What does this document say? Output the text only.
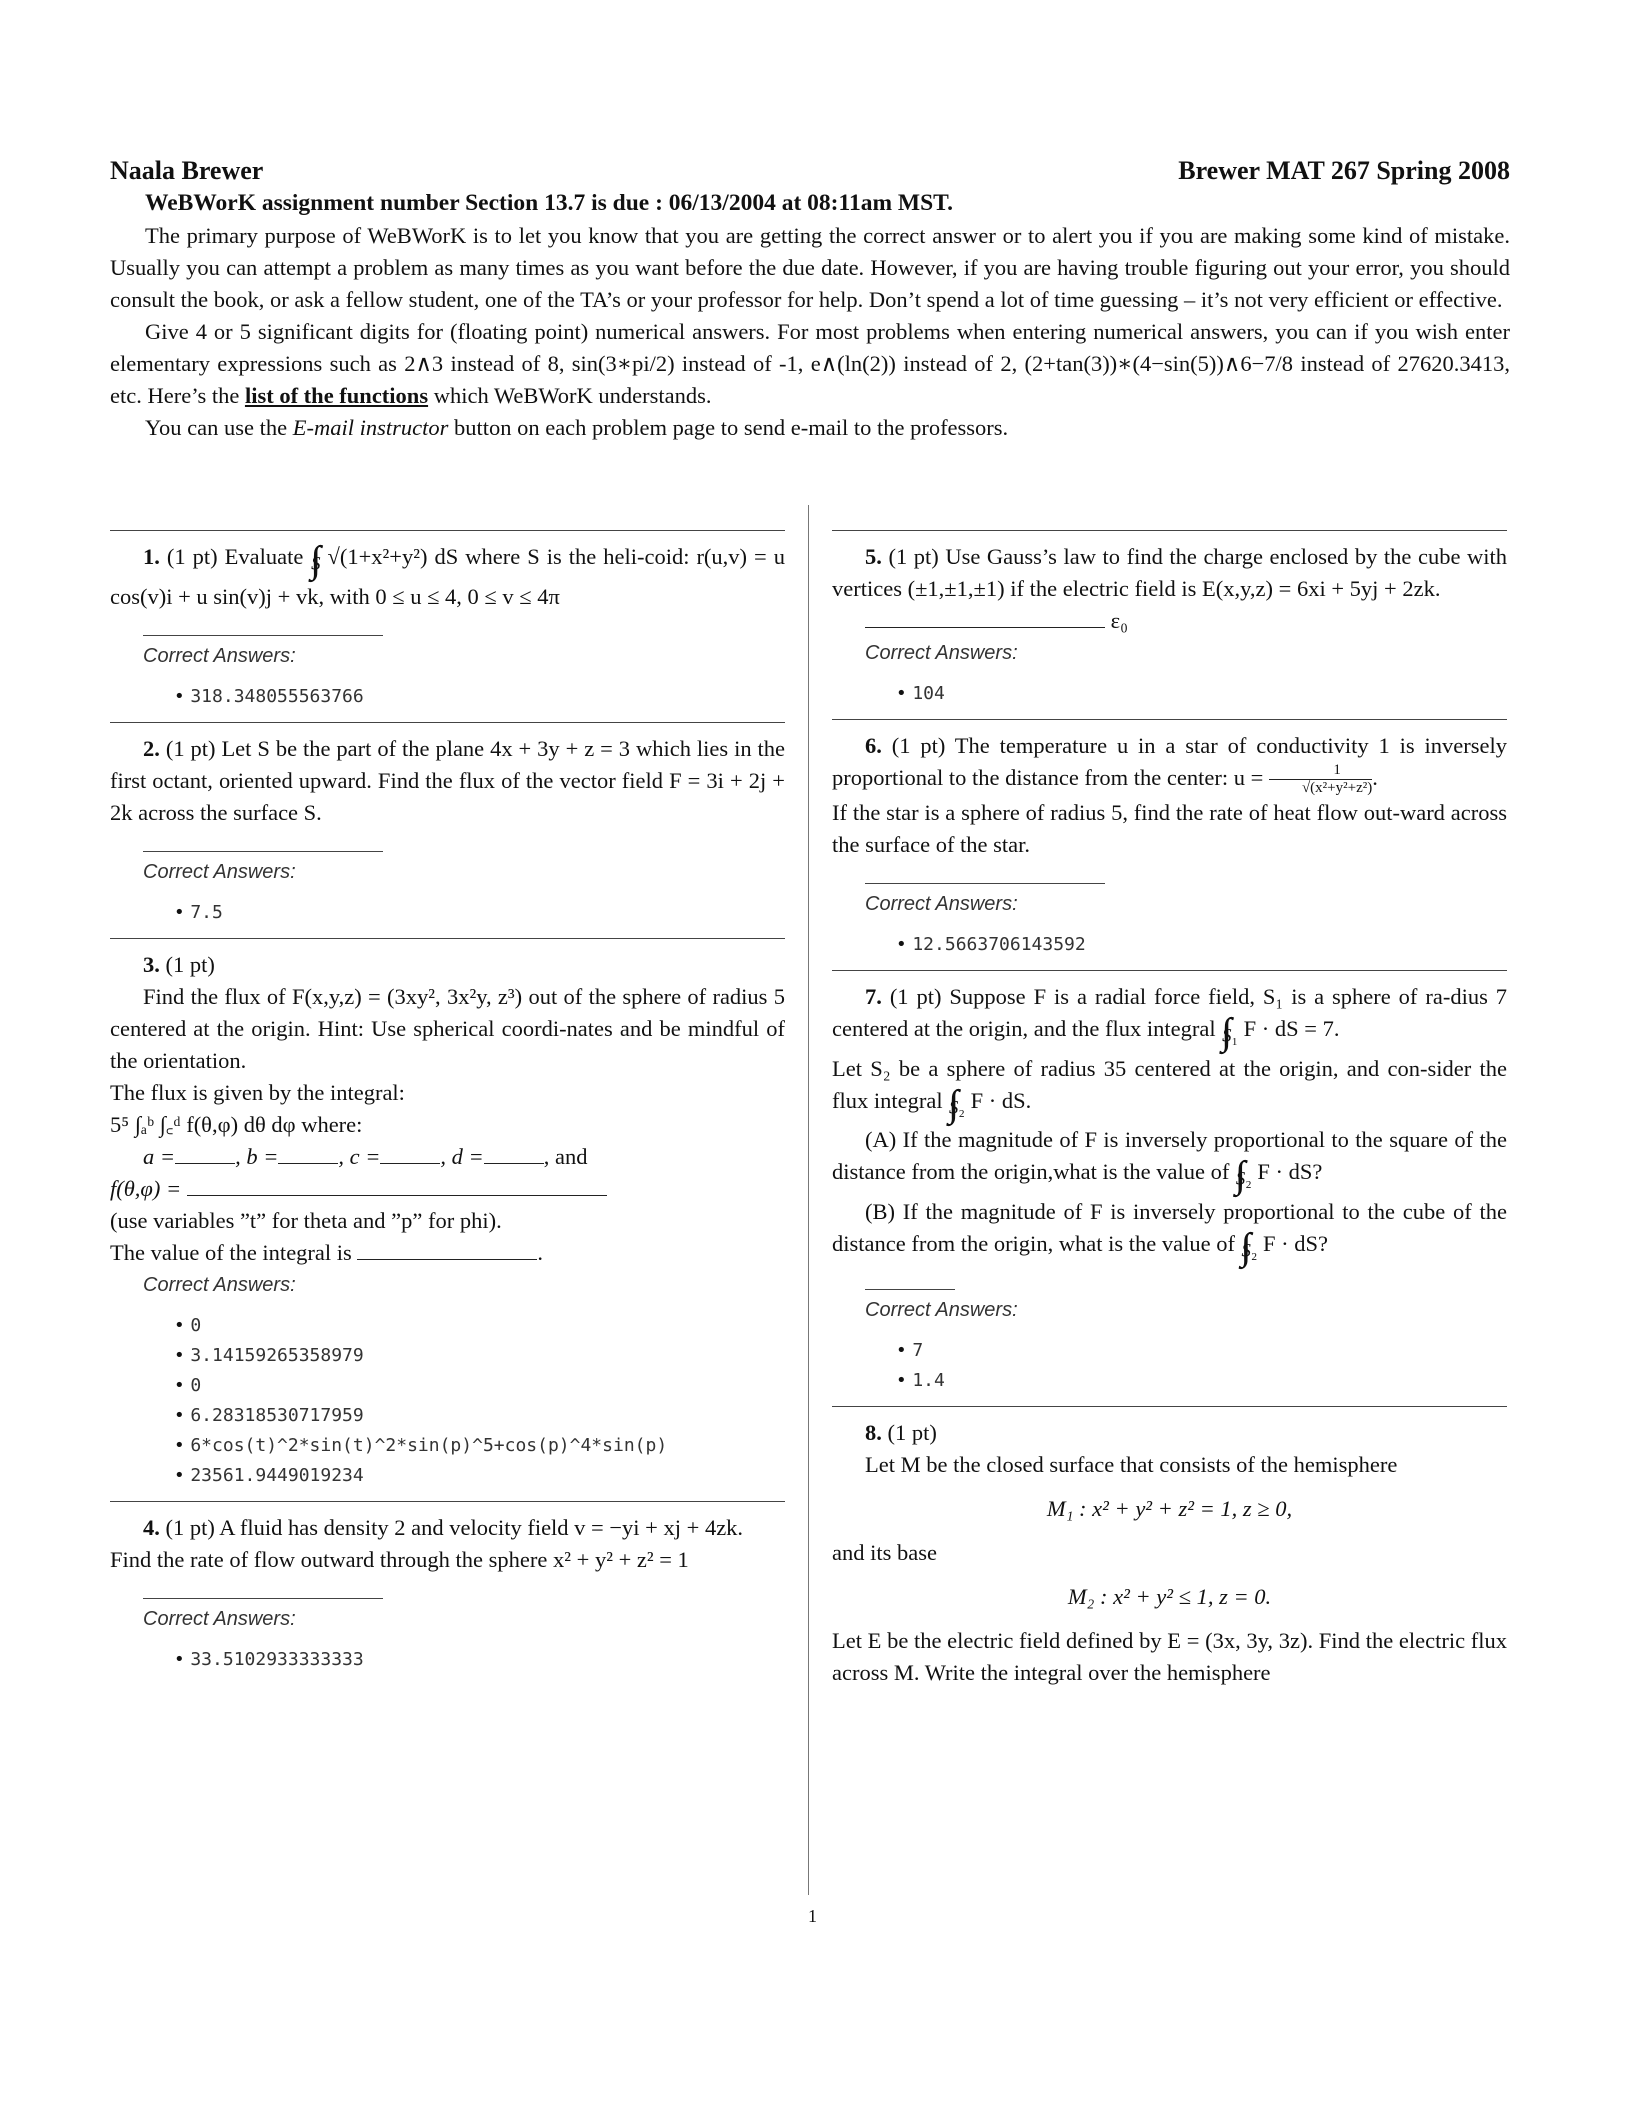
Naala Brewer	Brewer MAT 267 Spring 2008
WeBWorK assignment number Section 13.7 is due : 06/13/2004 at 08:11am MST.

The primary purpose of WeBWorK is to let you know that you are getting the correct answer or to alert you if you are making some kind of mistake. Usually you can attempt a problem as many times as you want before the due date. However, if you are having trouble figuring out your error, you should consult the book, or ask a fellow student, one of the TA’s or your professor for help. Don’t spend a lot of time guessing – it’s not very efficient or effective.

Give 4 or 5 significant digits for (floating point) numerical answers. For most problems when entering numerical answers, you can if you wish enter elementary expressions such as 2∧3 instead of 8, sin(3∗pi/2) instead of -1, e∧(ln(2)) instead of 2, (2+tan(3))∗(4−sin(5))∧6−7/8 instead of 27620.3413, etc. Here’s the list of the functions which WeBWorK understands.

You can use the E-mail instructor button on each problem page to send e-mail to the professors.

1. (1 pt) Evaluate $\int\int_S$ √(1+x²+y²) dS where S is the heli-coid: r(u,v) = u cos(v)i + u sin(v)j + vk, with 0 ≤ u ≤ 4, 0 ≤ v ≤ 4π

Correct Answers:
• 318.348055563766

2. (1 pt) Let S be the part of the plane 4x + 3y + z = 3 which lies in the first octant, oriented upward. Find the flux of the vector field F = 3i + 2j + 2k across the surface S.

Correct Answers:
• 7.5

3. (1 pt)

Find the flux of F(x,y,z) = (3xy², 3x²y, z³) out of the sphere of radius 5 centered at the origin. Hint: Use spherical coordi-nates and be mindful of the orientation.

The flux is given by the integral:

5⁵ ∫ₐᵇ ∫꜀ᵈ f(θ,φ) dθ dφ where:

a =	, b =	, c =	, d =	, and

f(θ,φ) =

(use variables ”t” for theta and ”p” for phi).

The value of the integral is	.

Correct Answers:
• 0
• 3.14159265358979
• 0
• 6.28318530717959
• 6*cos(t)^2*sin(t)^2*sin(p)^5+cos(p)^4*sin(p)
• 23561.9449019234

4. (1 pt) A fluid has density 2 and velocity field v = −yi + xj + 4zk.

Find the rate of flow outward through the sphere x² + y² + z² = 1

Correct Answers:
• 33.5102933333333

5. (1 pt) Use Gauss’s law to find the charge enclosed by the cube with vertices (±1,±1,±1) if the electric field is E(x,y,z) = 6xi + 5yj + 2zk.

ε₀

Correct Answers:
• 104

6. (1 pt) The temperature u in a star of conductivity 1 is inversely proportional to the distance from the center: $u = \frac{1}{\text{√(x²+y²+z²)}}$ .

If the star is a sphere of radius 5, find the rate of heat flow out-ward across the surface of the star.

Correct Answers:
• 12.5663706143592

7. (1 pt) Suppose F is a radial force field, S₁ is a sphere of ra-dius 7 centered at the origin, and the flux integral $\int\int_{S_1}$ F · dS = 7.

Let S₂ be a sphere of radius 35 centered at the origin, and con-sider the flux integral $\int\int_{S_2}$ F · dS.

(A) If the magnitude of F is inversely proportional to the square of the distance from the origin,what is the value of $\int\int_{S_2}$ F · dS?

(B) If the magnitude of F is inversely proportional to the cube of the distance from the origin, what is the value of $\int\int_{S_2}$ F · dS?

Correct Answers:
• 7
• 1.4

8. (1 pt)

Let M be the closed surface that consists of the hemisphere

M₁ : x² + y² + z² = 1, z ≥ 0,

and its base

M₂ : x² + y² ≤ 1, z = 0.

Let E be the electric field defined by E = (3x, 3y, 3z). Find the electric flux across M. Write the integral over the hemisphere

1
